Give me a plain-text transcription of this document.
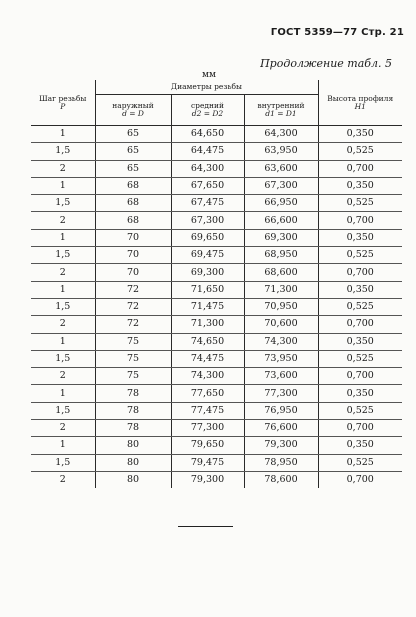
ГОСТ 5359—77 Стр. 21
Продолжение табл. 5
мм
Шаг резьбы
P	Диаметры резьбы			Высота профиля
H1
	наружный
d = D	средний
d2 = D2	внутренний
d1 = D1	
1	65	64,650	64,300	0,350
1,5	65	64,475	63,950	0,525
2	65	64,300	63,600	0,700
1	68	67,650	67,300	0,350
1,5	68	67,475	66,950	0,525
2	68	67,300	66,600	0,700
1	70	69,650	69,300	0,350
1,5	70	69,475	68,950	0,525
2	70	69,300	68,600	0,700
1	72	71,650	71,300	0,350
1,5	72	71,475	70,950	0,525
2	72	71,300	70,600	0,700
1	75	74,650	74,300	0,350
1,5	75	74,475	73,950	0,525
2	75	74,300	73,600	0,700
1	78	77,650	77,300	0,350
1,5	78	77,475	76,950	0,525
2	78	77,300	76,600	0,700
1	80	79,650	79,300	0,350
1,5	80	79,475	78,950	0,525
2	80	79,300	78,600	0,700
